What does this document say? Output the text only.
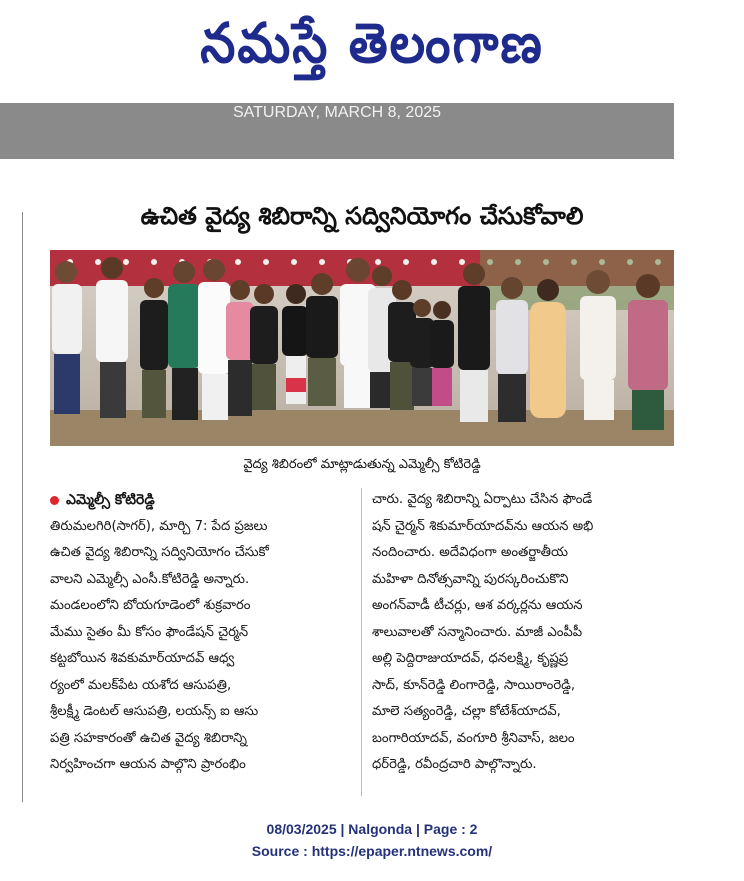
నమస్తే తెలంగాణ
SATURDAY, MARCH 8, 2025
ఉచిత వైద్య శిబిరాన్ని సద్వినియోగం చేసుకోవాలి
వైద్య శిబిరంలో మాట్లాడుతున్న ఎమ్మెల్సీ కోటిరెడ్డి
ఎమ్మెల్సీ కోటిరెడ్డి

తిరుమలగిరి(సాగర్), మార్చి 7: పేద ప్రజలు

ఉచిత వైద్య శిబిరాన్ని సద్వినియోగం చేసుకో

వాలని ఎమ్మెల్సీ ఎంసీ.కోటిరెడ్డి అన్నారు.

మండలంలోని బోయగూడెంలో శుక్రవారం

మేము సైతం మీ కోసం ఫౌండేషన్ చైర్మన్

కట్టబోయిన శివకుమార్‌యాదవ్ ఆధ్వ

ర్యంలో మలక్‌పేట యశోద ఆసుపత్రి,

శ్రీలక్ష్మీ డెంటల్ ఆసుపత్రి, లయన్స్ ఐ ఆసు

పత్రి సహకారంతో ఉచిత వైద్య శిబిరాన్ని

నిర్వహించగా ఆయన పాల్గొని ప్రారంభిం

చారు. వైద్య శిబిరాన్ని ఏర్పాటు చేసిన ఫౌండే

షన్ చైర్మన్ శికుమార్‌యాదవ్‌ను ఆయన అభి

నందించారు. అదేవిధంగా అంతర్జాతీయ

మహిళా దినోత్సవాన్ని పురస్కరించుకొని

అంగన్‌వాడీ టీచర్లు, ఆశ వర్కర్లను ఆయన

శాలువాలతో సన్మానించారు. మాజీ ఎంపీపీ

అల్లి పెద్దిరాజుయాదవ్, ధనలక్ష్మి, కృష్ణప్ర

సాద్, కూన్‌రెడ్డి లింగారెడ్డి, సాయిరాంరెడ్డి,

మాలె సత్యంరెడ్డి, చల్లా కోటేశ్‌యాదవ్,

బంగారియాదవ్, వంగూరి శ్రీనివాస్, జలం

ధర్‌రెడ్డి, రవీంద్రచారి పాల్గొన్నారు.

08/03/2025 | Nalgonda | Page : 2
Source : https://epaper.ntnews.com/
